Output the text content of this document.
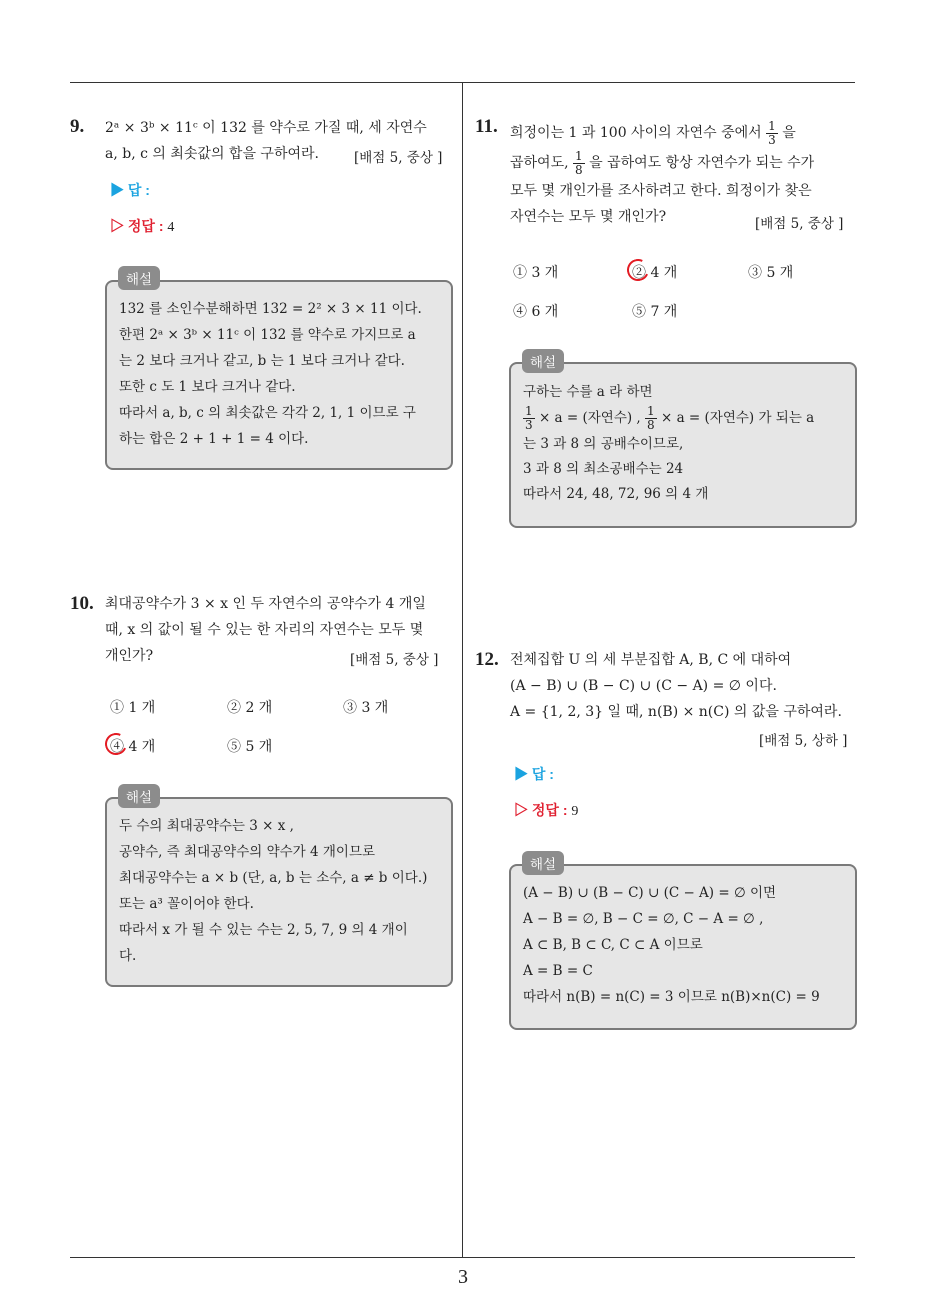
9. 2ᵃ × 3ᵇ × 11ᶜ 이 132 를 약수로 가질 때, 세 자연수
a, b, c 의 최솟값의 합을 구하여라.	[배점 5, 중상 ]
▶ 답 :
▷ 정답 : 4
132 를 소인수분해하면 132 = 2² × 3 × 11 이다.
한편 2ᵃ × 3ᵇ × 11ᶜ 이 132 를 약수로 가지므로 a
는 2 보다 크거나 같고, b 는 1 보다 크거나 같다.
또한 c 도 1 보다 크거나 같다.
따라서 a, b, c 의 최솟값은 각각 2, 1, 1 이므로 구
하는 합은 2 + 1 + 1 = 4 이다.
해설
10. 최대공약수가 3 × x 인 두 자연수의 공약수가 4 개일
때, x 의 값이 될 수 있는 한 자리의 자연수는 모두 몇
개인가?	[배점 5, 중상 ]
① 1 개	② 2 개	③ 3 개
④ 4 개	⑤ 5 개
두 수의 최대공약수는 3 × x ,
공약수, 즉 최대공약수의 약수가 4 개이므로
최대공약수는 a × b (단, a, b 는 소수, a ≠ b 이다.)
또는 a³ 꼴이어야 한다.
따라서 x 가 될 수 있는 수는 2, 5, 7, 9 의 4 개이
다.
해설
11. 희정이는 1 과 100 사이의 자연수 중에서 $\frac{1}{3}$ 을
곱하여도, $\frac{1}{8}$ 을 곱하여도 항상 자연수가 되는 수가
모두 몇 개인가를 조사하려고 한다. 희정이가 찾은
자연수는 모두 몇 개인가?	[배점 5, 중상 ]
① 3 개	② 4 개	③ 5 개
④ 6 개	⑤ 7 개
구하는 수를 a 라 하면
$\frac{1}{3} \times a$ = (자연수) , $\frac{1}{8} \times a$ = (자연수) 가 되는 a
는 3 과 8 의 공배수이므로,
3 과 8 의 최소공배수는 24
따라서 24, 48, 72, 96 의 4 개
해설
12. 전체집합 U 의 세 부분집합 A, B, C 에 대하여
(A − B) ∪ (B − C) ∪ (C − A) = ∅ 이다.
A = {1, 2, 3} 일 때, n(B) × n(C) 의 값을 구하여라.
[배점 5, 상하 ]
▶ 답 :
▷ 정답 : 9
(A − B) ∪ (B − C) ∪ (C − A) = ∅ 이면
A − B = ∅, B − C = ∅, C − A = ∅ ,
A ⊂ B, B ⊂ C, C ⊂ A 이므로
A = B = C
따라서 n(B) = n(C) = 3 이므로 n(B)×n(C) = 9
해설
3
